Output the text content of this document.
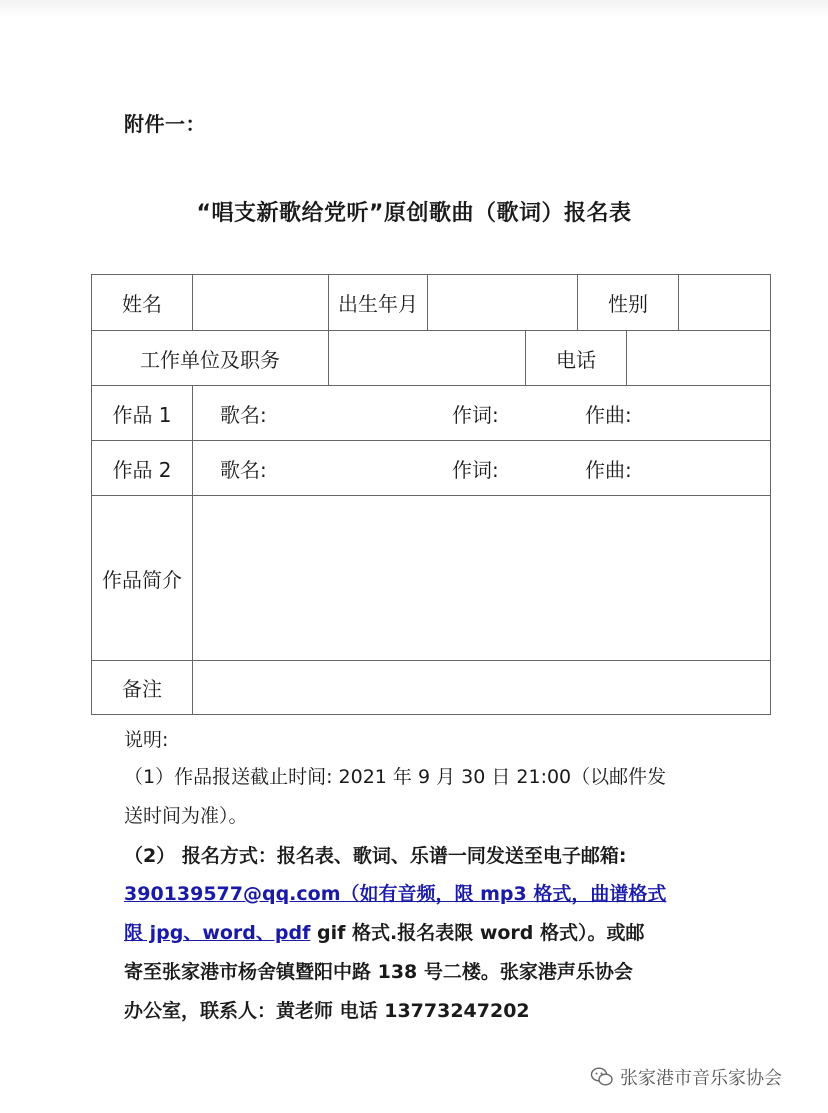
附件一：
“唱支新歌给党听”原创歌曲（歌词）报名表
姓名	出生年月	性别
工作单位及职务	电话
作品 1	歌名:	作词:	作曲:
作品 2	歌名:	作词:	作曲:
作品简介
备注
说明:
（1）作品报送截止时间: 2021 年 9 月 30 日 21:00（以邮件发
送时间为准）。
（2） 报名方式：报名表、歌词、乐谱一同发送至电子邮箱:
390139577@qq.com（如有音频，限 mp3 格式，曲谱格式
限 jpg、word、pdf gif 格式.报名表限 word 格式）。或邮
寄至张家港市杨舍镇暨阳中路 138 号二楼。张家港声乐协会
办公室，联系人：黄老师 电话 13773247202
张家港市音乐家协会
